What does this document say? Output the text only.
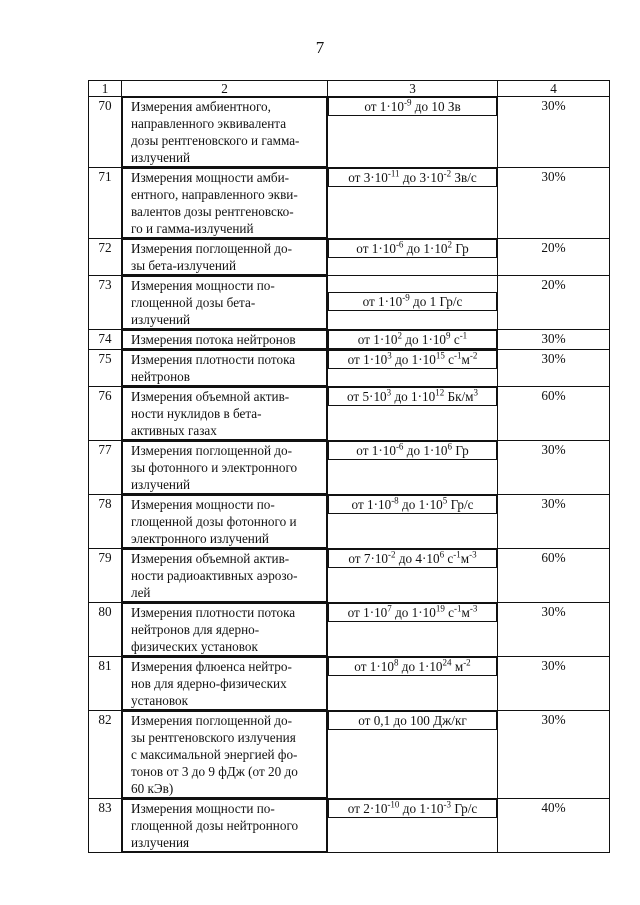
7
1	2	3	4
70	Измерения амбиентного,
направленного эквивалента
дозы рентгеновского и гамма-
излучений	от $1\cdot 10^{-9}$ до 10 Зв	30%
71	Измерения мощности амби-
ентного, направленного экви-
валентов дозы рентгеновско-
го и гамма-излучений	от $3\cdot 10^{-11}$ до $3\cdot 10^{-2}$ Зв/с	30%
72	Измерения поглощенной до-
зы бета-излучений	от $1\cdot 10^{-6}$ до $1\cdot 10^2$ Гр	20%
73	Измерения мощности по-
глощенной дозы бета-
излучений	от $1\cdot 10^{-9}$ до 1 Гр/с	20%
74	Измерения потока нейтронов	от $1\cdot 10^2$ до $1\cdot 10^9$ $с^{-1}$	30%
75	Измерения плотности потока
нейтронов	от $1\cdot 10^3$ до $1\cdot 10^{15}$ $с^{-1}м^{-2}$	30%
76	Измерения объемной актив-
ности нуклидов в бета-
активных газах	от $5\cdot 10^3$ до $1\cdot 10^{12}$ $Бк/м^3$	60%
77	Измерения поглощенной до-
зы фотонного и электронного
излучений	от $1\cdot 10^{-6}$ до $1\cdot 10^6$ Гр	30%
78	Измерения мощности по-
глощенной дозы фотонного и
электронного излучений	от $1\cdot 10^{-8}$ до $1\cdot 10^5$ Гр/с	30%
79	Измерения объемной актив-
ности радиоактивных аэрозо-
лей	от $7\cdot 10^{-2}$ до $4\cdot 10^6$ $с^{-1}м^{-3}$	60%
80	Измерения плотности потока
нейтронов для ядерно-
физических установок	от $1\cdot 10^7$ до $1\cdot 10^{19}$ $с^{-1}м^{-3}$	30%
81	Измерения флюенса нейтро-
нов для ядерно-физических
установок	от $1\cdot 10^8$ до $1\cdot 10^{24}$ $м^{-2}$	30%
82	Измерения поглощенной до-
зы рентгеновского излучения
с максимальной энергией фо-
тонов от 3 до 9 фДж (от 20 до
60 кЭв)	от 0,1 до 100 Дж/кг	30%
83	Измерения мощности по-
глощенной дозы нейтронного
излучения	от $2\cdot 10^{-10}$ до $1\cdot 10^{-3}$ Гр/с	40%
